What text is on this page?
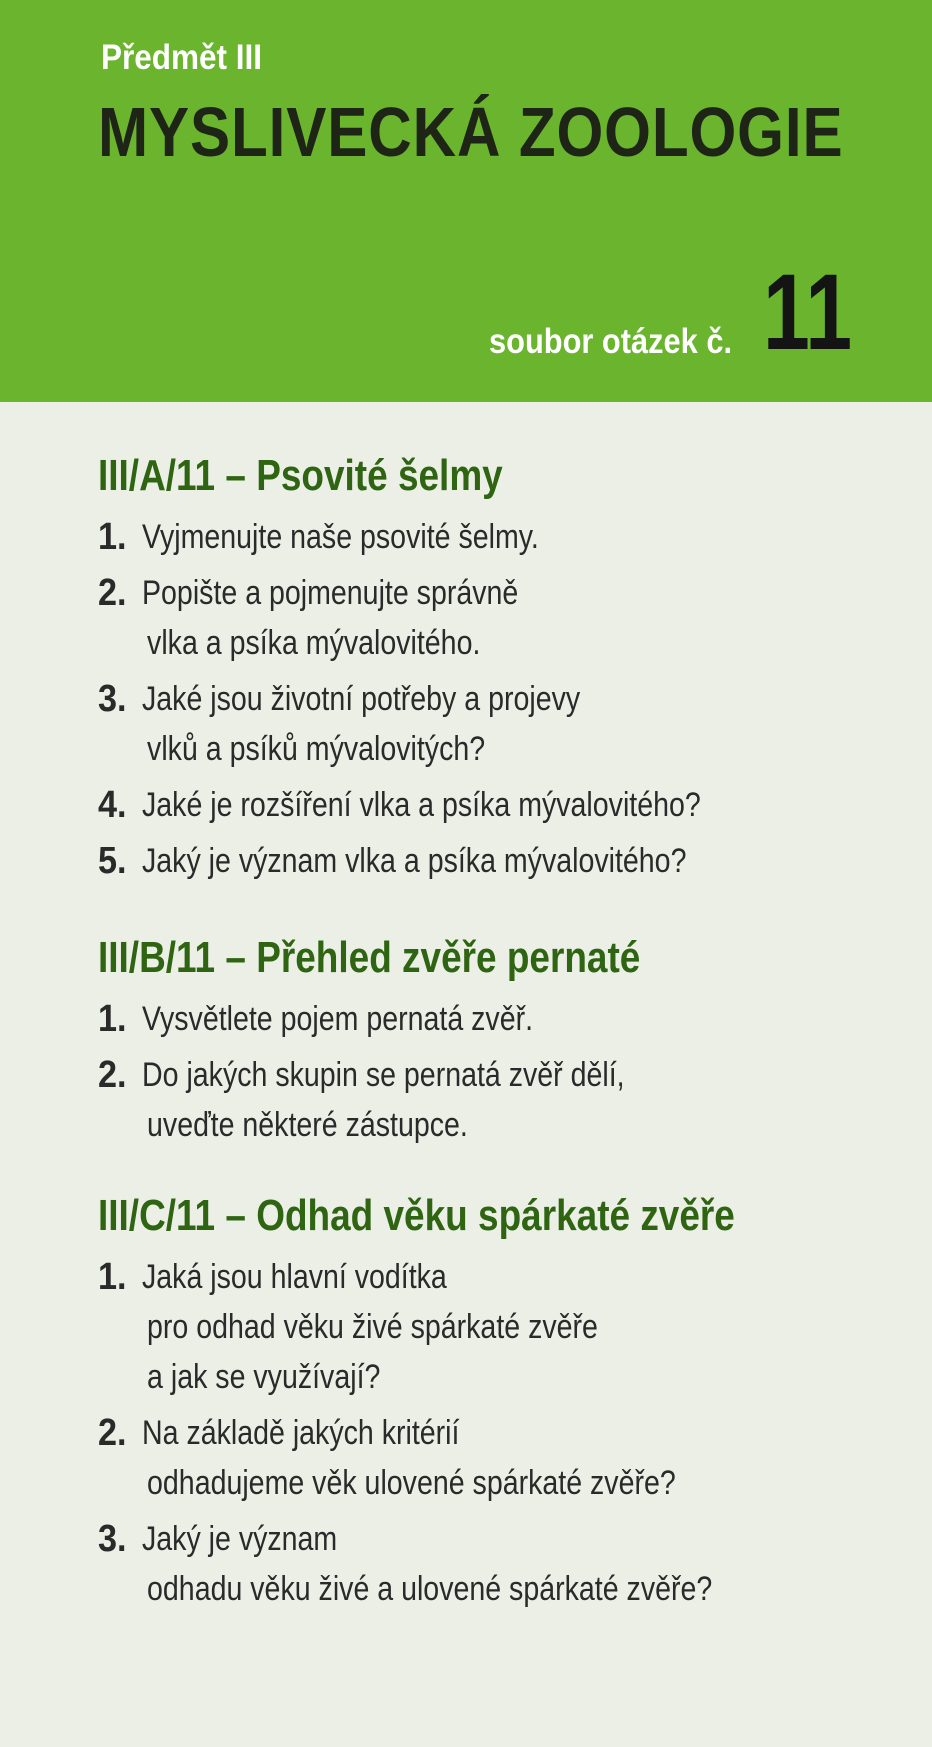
Předmět III
MYSLIVECKÁ ZOOLOGIE
soubor otázek č. 11
III/A/11 – Psovité šelmy
1. Vyjmenujte naše psovité šelmy.
2. Popište a pojmenujte správně
vlka a psíka mývalovitého.
3. Jaké jsou životní potřeby a projevy
vlků a psíků mývalovitých?
4. Jaké je rozšíření vlka a psíka mývalovitého?
5. Jaký je význam vlka a psíka mývalovitého?
III/B/11 – Přehled zvěře pernaté
1. Vysvětlete pojem pernatá zvěř.
2. Do jakých skupin se pernatá zvěř dělí,
uveďte některé zástupce.
III/C/11 – Odhad věku spárkaté zvěře
1. Jaká jsou hlavní vodítka
pro odhad věku živé spárkaté zvěře
a jak se využívají?
2. Na základě jakých kritérií
odhadujeme věk ulovené spárkaté zvěře?
3. Jaký je význam
odhadu věku živé a ulovené spárkaté zvěře?
